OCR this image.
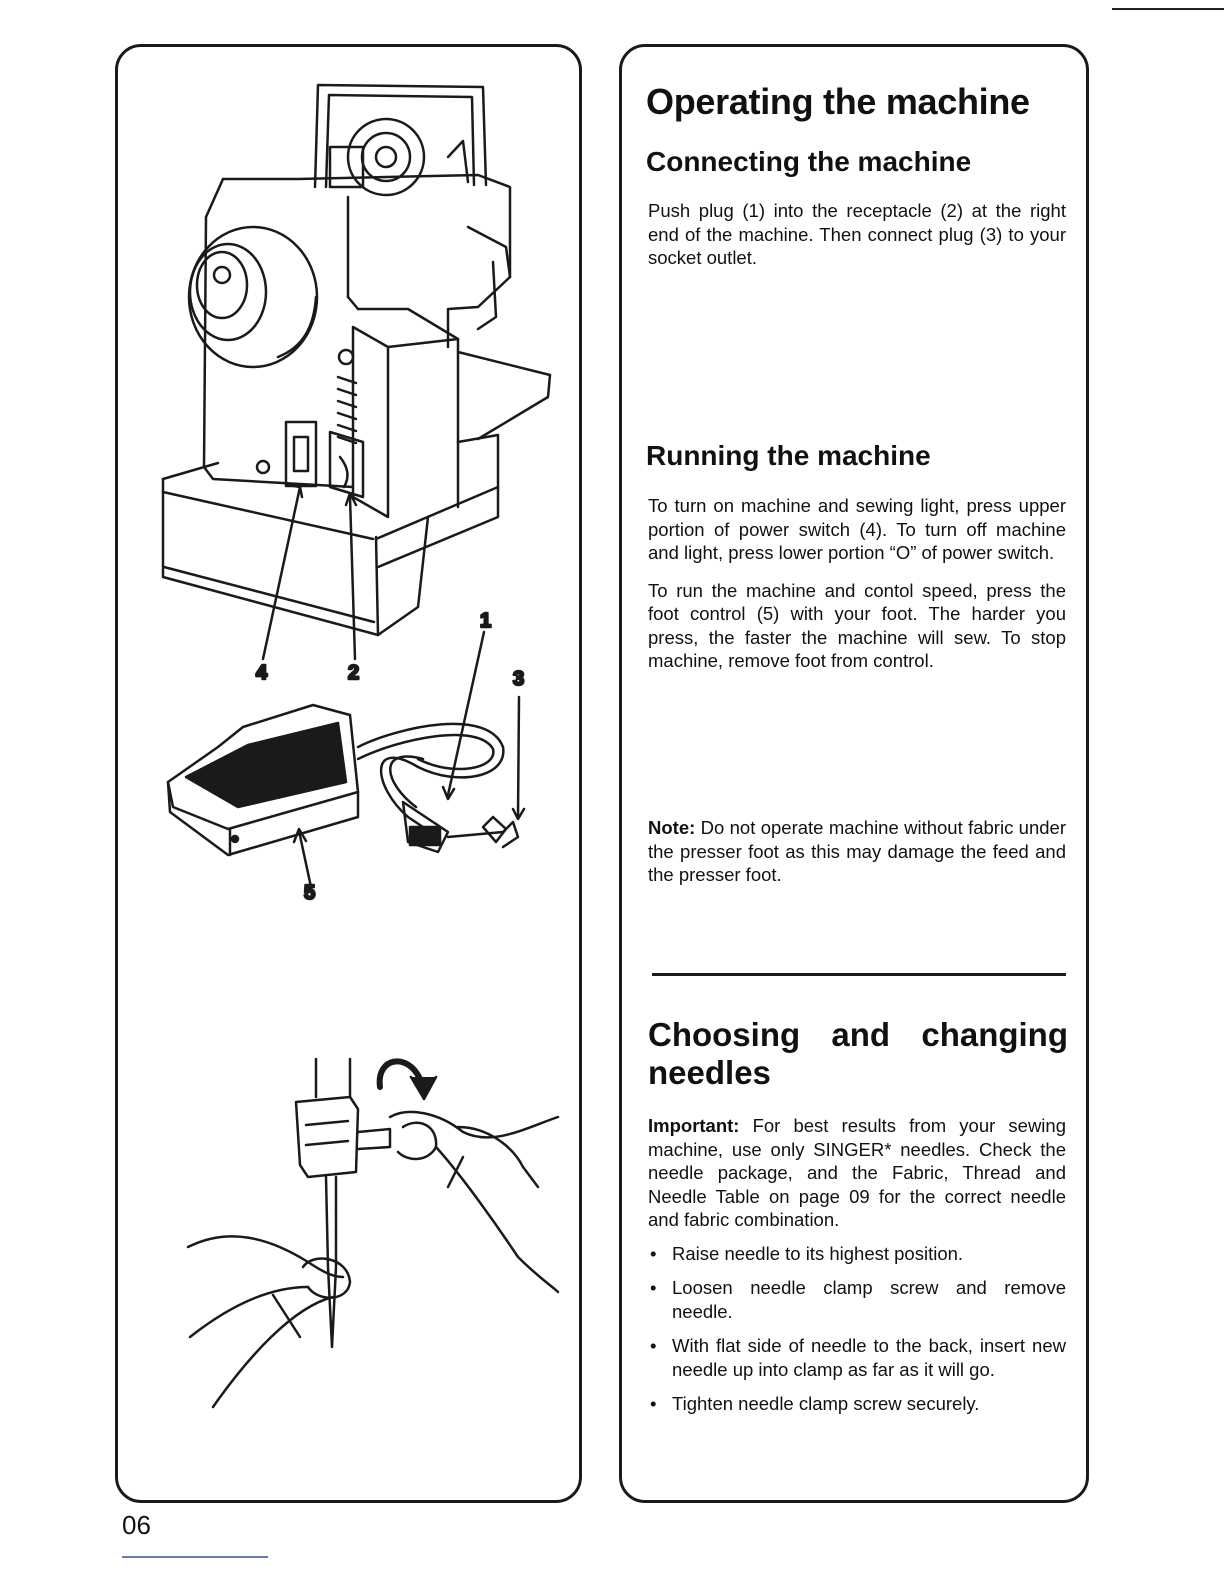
1
2	3
4
5
Operating the machine
Connecting the machine

Push plug (1) into the receptacle (2) at the right end of the machine. Then connect plug (3) to your socket outlet.

Running the machine

To turn on machine and sewing light, press upper portion of power switch (4). To turn off machine and light, press lower portion “O” of power switch.

To run the machine and contol speed, press the foot control (5) with your foot. The harder you press, the faster the machine will sew. To stop machine, remove foot from control.

Note: Do not operate machine without fabric under the presser foot as this may damage the feed and the presser foot.

Choosing and changing needles

Important: For best results from your sewing machine, use only SINGER* needles. Check the needle package, and the Fabric, Thread and Needle Table on page 09 for the correct needle and fabric combination.

• Raise needle to its highest position.
• Loosen needle clamp screw and remove needle.
• With flat side of needle to the back, insert new needle up into clamp as far as it will go.
• Tighten needle clamp screw securely.
06
